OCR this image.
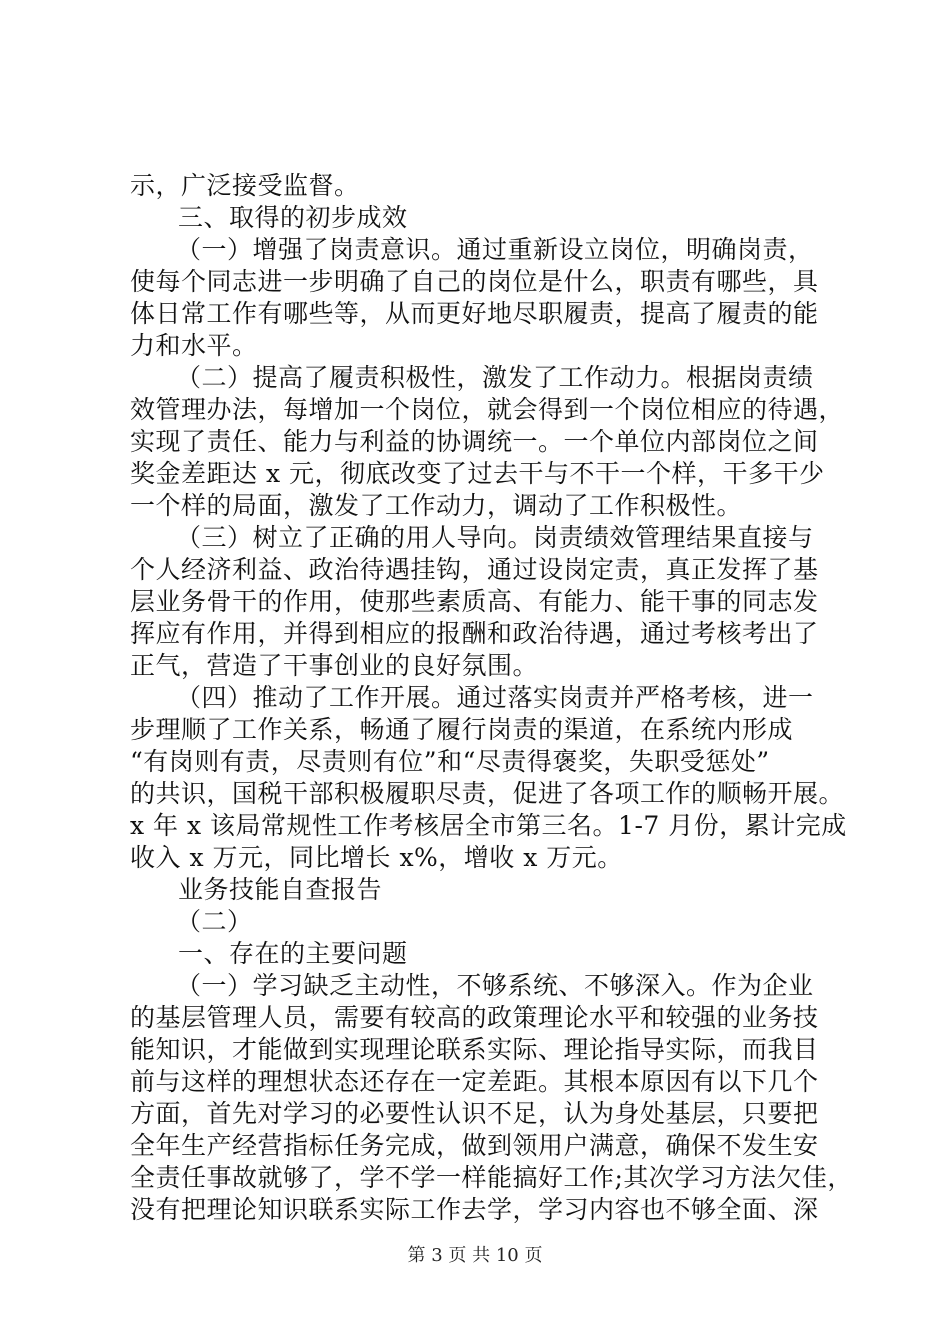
示，广泛接受监督。
三、取得的初步成效
（一）增强了岗责意识。通过重新设立岗位，明确岗责，
使每个同志进一步明确了自己的岗位是什么，职责有哪些，具
体日常工作有哪些等，从而更好地尽职履责，提高了履责的能
力和水平。
（二）提高了履责积极性，激发了工作动力。根据岗责绩
效管理办法，每增加一个岗位，就会得到一个岗位相应的待遇，
实现了责任、能力与利益的协调统一。一个单位内部岗位之间
奖金差距达 x 元，彻底改变了过去干与不干一个样，干多干少
一个样的局面，激发了工作动力，调动了工作积极性。
（三）树立了正确的用人导向。岗责绩效管理结果直接与
个人经济利益、政治待遇挂钩，通过设岗定责，真正发挥了基
层业务骨干的作用，使那些素质高、有能力、能干事的同志发
挥应有作用，并得到相应的报酬和政治待遇，通过考核考出了
正气，营造了干事创业的良好氛围。
（四）推动了工作开展。通过落实岗责并严格考核，进一
步理顺了工作关系，畅通了履行岗责的渠道，在系统内形成
“有岗则有责，尽责则有位”和“尽责得褒奖，失职受惩处”
的共识，国税干部积极履职尽责，促进了各项工作的顺畅开展。
x 年 x 该局常规性工作考核居全市第三名。1-7 月份，累计完成
收入 x 万元，同比增长 x%，增收 x 万元。
业务技能自查报告
（二）
一、存在的主要问题
（一）学习缺乏主动性，不够系统、不够深入。作为企业
的基层管理人员，需要有较高的政策理论水平和较强的业务技
能知识，才能做到实现理论联系实际、理论指导实际，而我目
前与这样的理想状态还存在一定差距。其根本原因有以下几个
方面，首先对学习的必要性认识不足，认为身处基层，只要把
全年生产经营指标任务完成，做到领用户满意，确保不发生安
全责任事故就够了，学不学一样能搞好工作;其次学习方法欠佳，
没有把理论知识联系实际工作去学，学习内容也不够全面、深
第 3 页 共 10 页
